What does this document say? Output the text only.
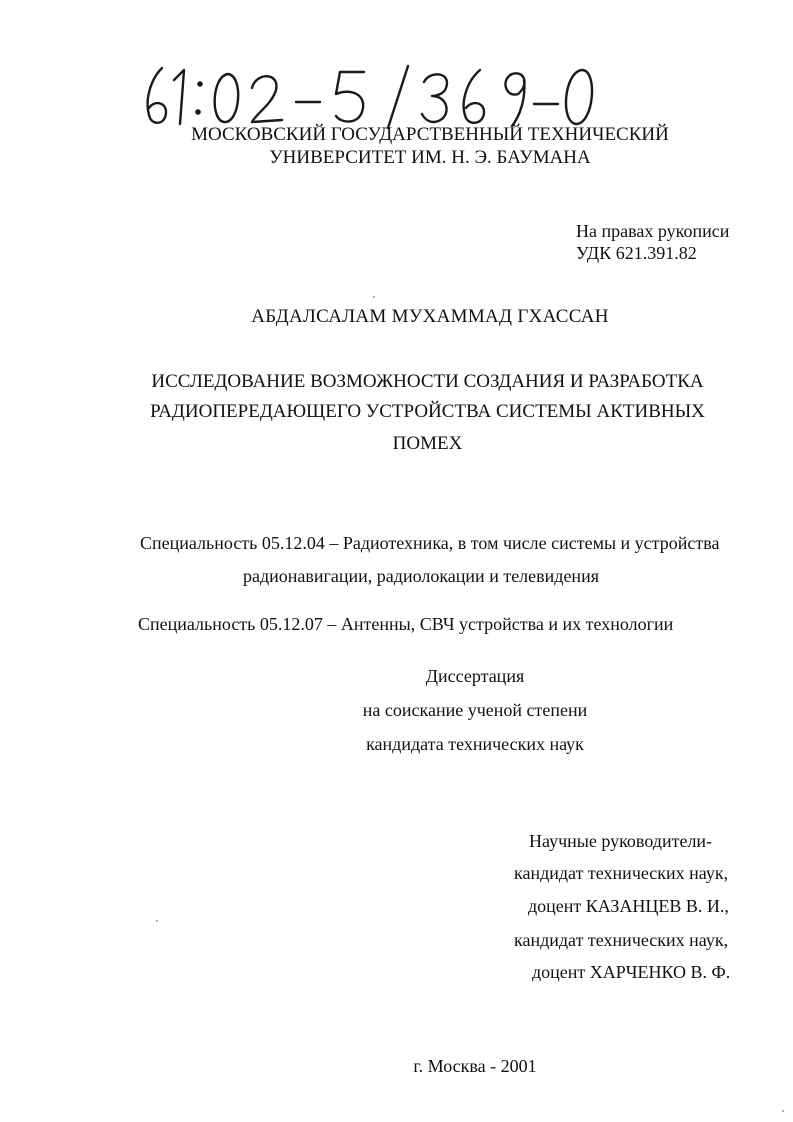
МОСКОВСКИЙ ГОСУДАРСТВЕННЫЙ ТЕХНИЧЕСКИЙ
УНИВЕРСИТЕТ ИМ. Н. Э. БАУМАНА
На правах рукописи
УДК 621.391.82
АБДАЛСАЛАМ МУХАММАД ГХАССАН
ИССЛЕДОВАНИЕ ВОЗМОЖНОСТИ СОЗДАНИЯ И РАЗРАБОТКА
РАДИОПЕРЕДАЮЩЕГО УСТРОЙСТВА СИСТЕМЫ АКТИВНЫХ
ПОМЕХ
Специальность 05.12.04 – Радиотехника, в том числе системы и устройства
радионавигации, радиолокации и телевидения
Специальность 05.12.07 – Антенны, СВЧ устройства и их технологии
Диссертация
на соискание ученой степени
кандидата технических наук
Научные руководители-
кандидат технических наук,
доцент КАЗАНЦЕВ В. И.,
кандидат технических наук,
доцент ХАРЧЕНКО В. Ф.
г. Москва - 2001
